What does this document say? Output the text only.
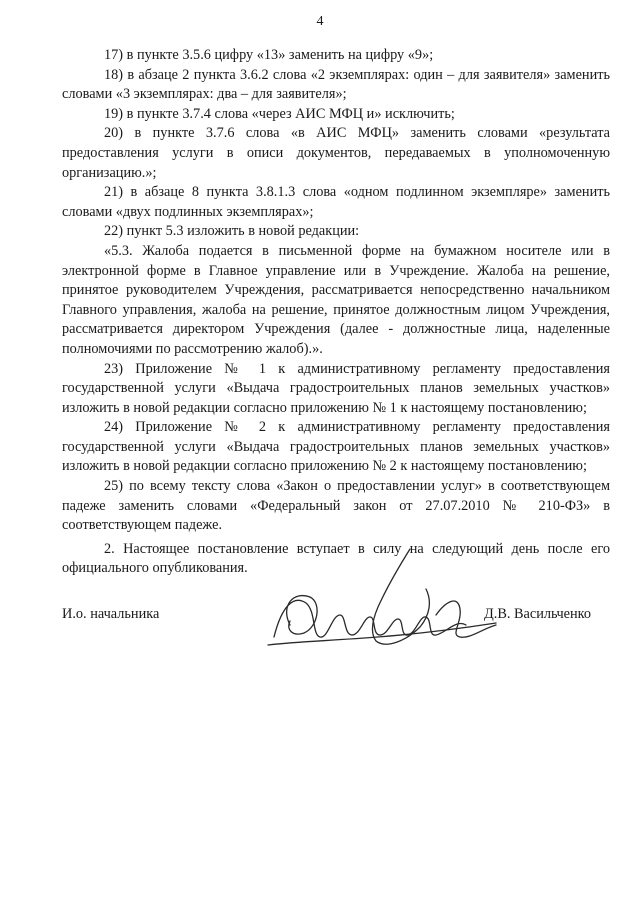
4

17) в пункте 3.5.6 цифру «13» заменить на цифру «9»;

18) в абзаце 2 пункта 3.6.2 слова «2 экземплярах: один – для заявителя» заменить словами «3 экземплярах: два – для заявителя»;

19) в пункте 3.7.4 слова «через АИС МФЦ и» исключить;

20) в пункте 3.7.6 слова «в АИС МФЦ» заменить словами «результата предоставления услуги в описи документов, передаваемых в уполномоченную организацию.»;

21) в абзаце 8 пункта 3.8.1.3 слова «одном подлинном экземпляре» заменить словами «двух подлинных экземплярах»;

22) пункт 5.3 изложить в новой редакции:

«5.3. Жалоба подается в письменной форме на бумажном носителе или в электронной форме в Главное управление или в Учреждение. Жалоба на решение, принятое руководителем Учреждения, рассматривается непосредственно начальником Главного управления, жалоба на решение, принятое должностным лицом Учреждения, рассматривается директором Учреждения (далее - должностные лица, наделенные полномочиями по рассмотрению жалоб).».

23) Приложение № 1 к административному регламенту предоставления государственной услуги «Выдача градостроительных планов земельных участков» изложить в новой редакции согласно приложению № 1 к настоящему постановлению;

24) Приложение № 2 к административному регламенту предоставления государственной услуги «Выдача градостроительных планов земельных участков» изложить в новой редакции согласно приложению № 2 к настоящему постановлению;

25) по всему тексту слова «Закон о предоставлении услуг» в соответствующем падеже заменить словами «Федеральный закон от 27.07.2010 № 210-ФЗ» в соответствующем падеже.

2. Настоящее постановление вступает в силу на следующий день после его официального опубликования.

И.о. начальника	Д.В. Васильченко
